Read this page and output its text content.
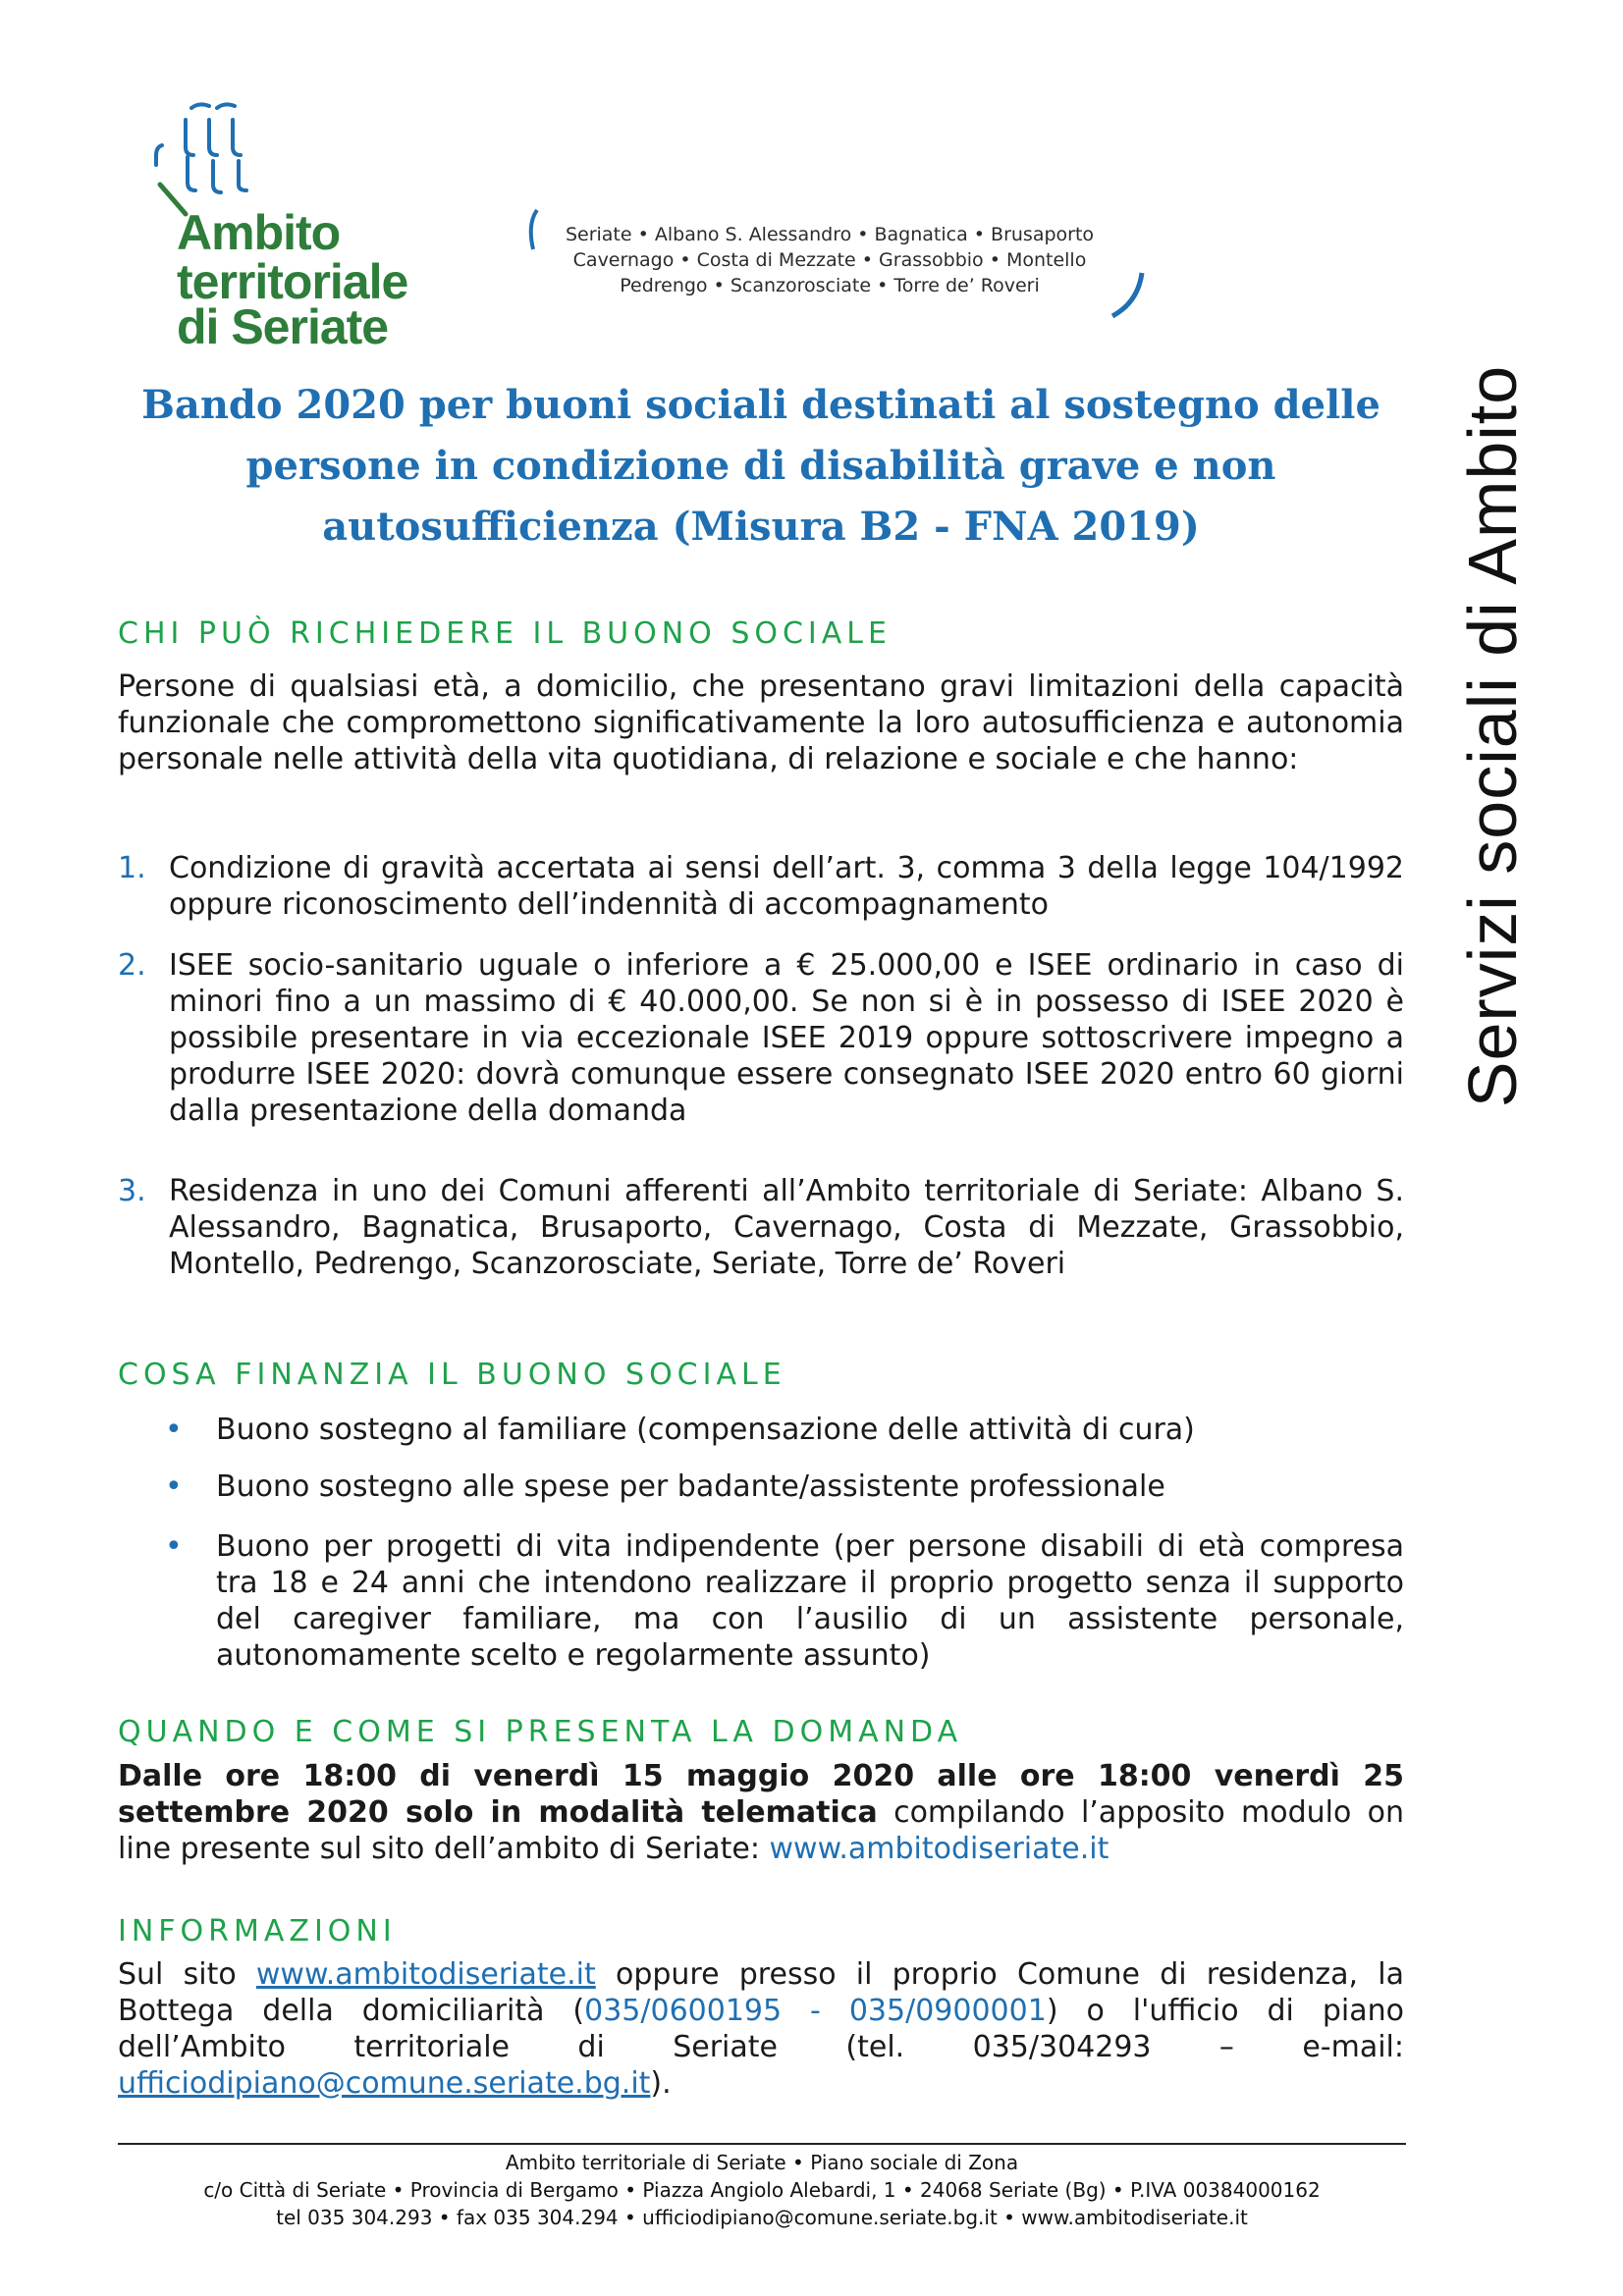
Ambito
territoriale
di Seriate
Seriate • Albano S. Alessandro • Bagnatica • Brusaporto
Cavernago • Costa di Mezzate • Grassobbio • Montello
Pedrengo • Scanzorosciate • Torre de’ Roveri
Servizi sociali di Ambito
Bando 2020 per buoni sociali destinati al sostegno delle persone in condizione di disabilità grave e non autosufficienza (Misura B2 - FNA 2019)
CHI PUÒ RICHIEDERE IL BUONO SOCIALE
Persone di qualsiasi età, a domicilio, che presentano gravi limitazioni della capacità funzionale che compromettono significativamente la loro autosufficienza e autonomia personale nelle attività della vita quotidiana, di relazione e sociale e che hanno:
1. Condizione di gravità accertata ai sensi dell’art. 3, comma 3 della legge 104/1992 oppure riconoscimento dell’indennità di accompagnamento
2. ISEE socio-sanitario uguale o inferiore a € 25.000,00 e ISEE ordinario in caso di minori fino a un massimo di € 40.000,00. Se non si è in possesso di ISEE 2020 è possibile presentare in via eccezionale ISEE 2019 oppure sottoscrivere impegno a produrre ISEE 2020: dovrà comunque essere consegnato ISEE 2020 entro 60 giorni dalla presentazione della domanda
3. Residenza in uno dei Comuni afferenti all’Ambito territoriale di Seriate: Albano S. Alessandro, Bagnatica, Brusaporto, Cavernago, Costa di Mezzate, Grassobbio, Montello, Pedrengo, Scanzorosciate, Seriate, Torre de’ Roveri
COSA FINANZIA IL BUONO SOCIALE
• Buono sostegno al familiare (compensazione delle attività di cura)
• Buono sostegno alle spese per badante/assistente professionale
• Buono per progetti di vita indipendente (per persone disabili di età compresa tra 18 e 24 anni che intendono realizzare il proprio progetto senza il supporto del caregiver familiare, ma con l’ausilio di un assistente personale, autonomamente scelto e regolarmente assunto)
QUANDO E COME SI PRESENTA LA DOMANDA
Dalle ore 18:00 di venerdì 15 maggio 2020 alle ore 18:00 venerdì 25 settembre 2020 solo in modalità telematica compilando l’apposito modulo on line presente sul sito dell’ambito di Seriate: www.ambitodiseriate.it
INFORMAZIONI
Sul sito www.ambitodiseriate.it oppure presso il proprio Comune di residenza, la Bottega della domiciliarità (035/0600195 - 035/0900001) o l'ufficio di piano dell’Ambito territoriale di Seriate (tel. 035/304293 – e-mail: ufficiodipiano@comune.seriate.bg.it).
Ambito territoriale di Seriate • Piano sociale di Zona
c/o Città di Seriate • Provincia di Bergamo • Piazza Angiolo Alebardi, 1 • 24068 Seriate (Bg) • P.IVA 00384000162
tel 035 304.293 • fax 035 304.294 • ufficiodipiano@comune.seriate.bg.it • www.ambitodiseriate.it
